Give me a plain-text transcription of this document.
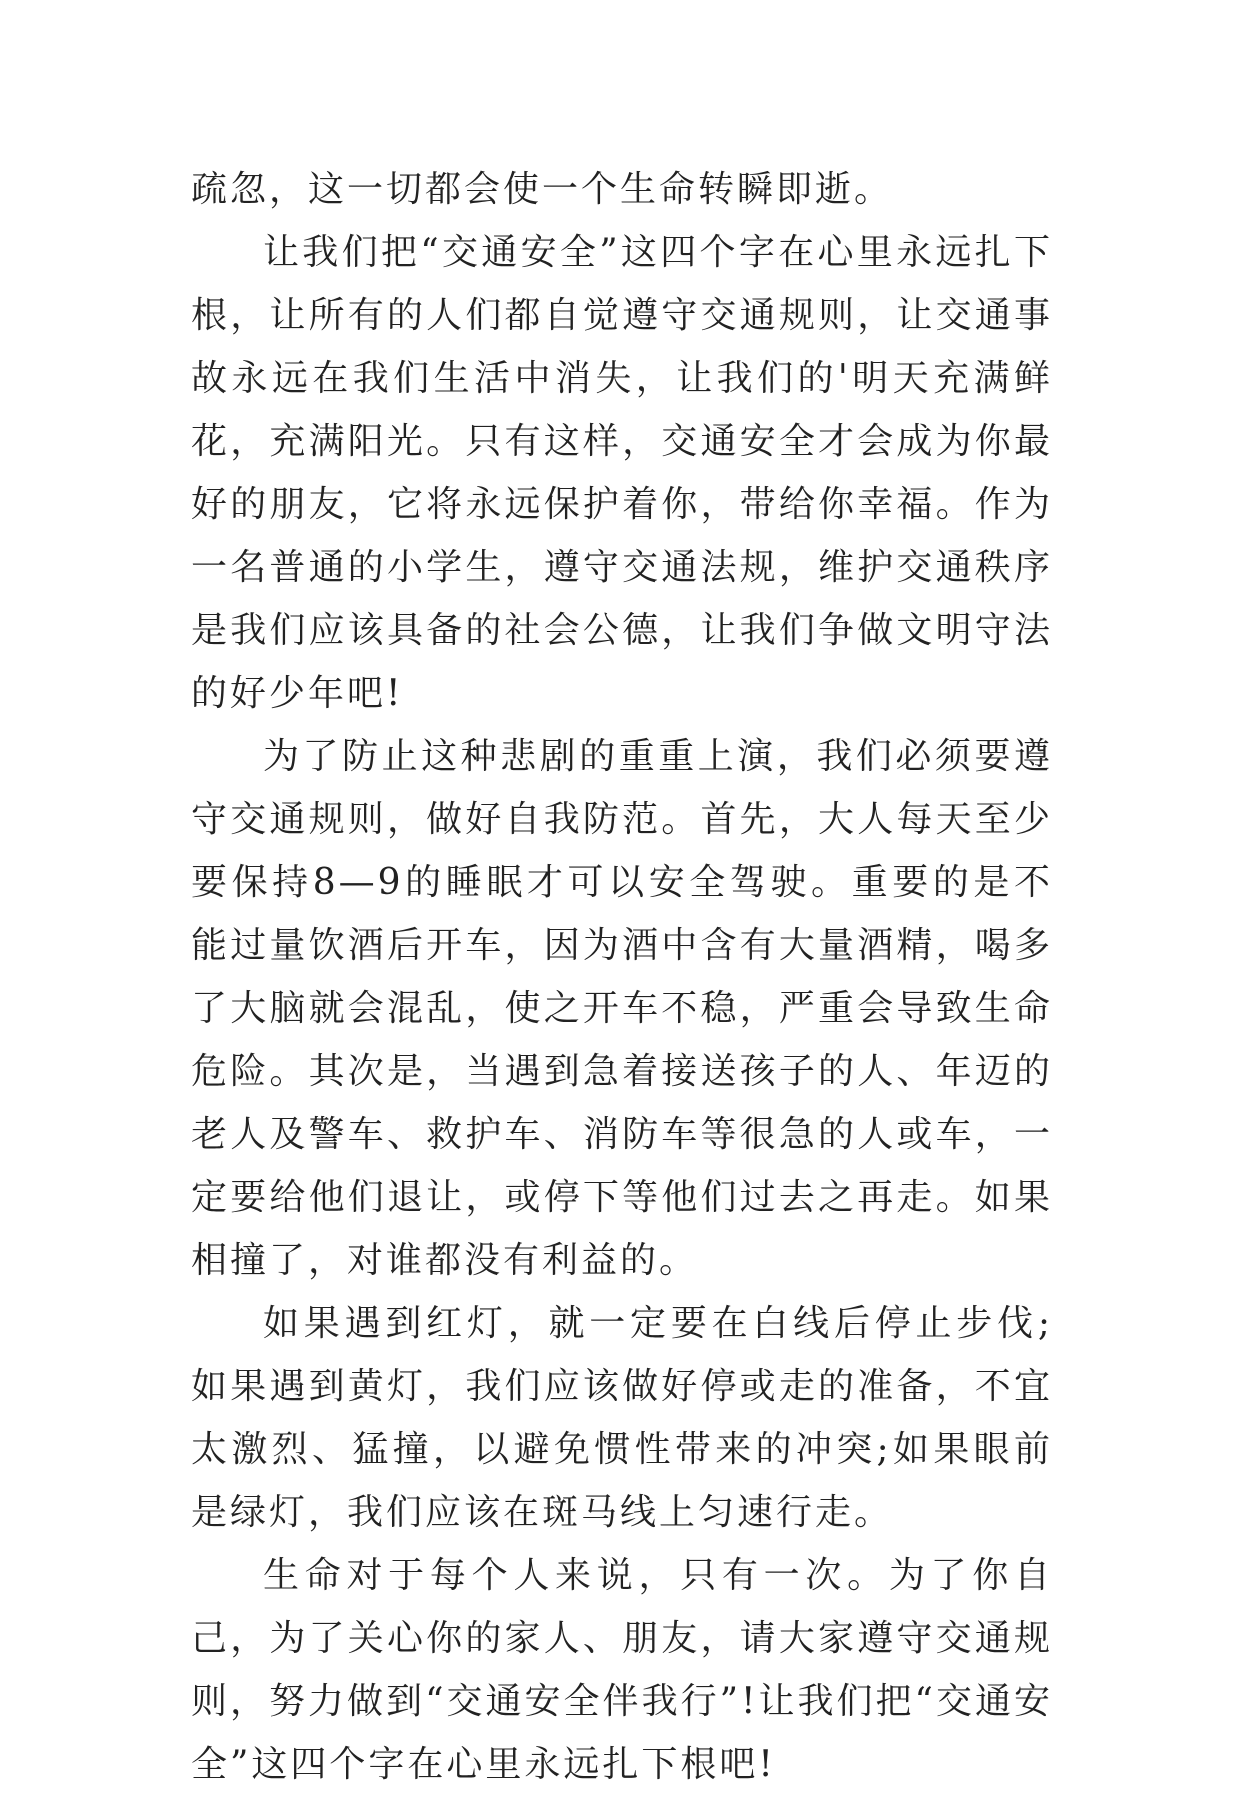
疏忽，这一切都会使一个生命转瞬即逝。

让我们把“交通安全”这四个字在心里永远扎下根，让所有的人们都自觉遵守交通规则，让交通事故永远在我们生活中消失，让我们的'明天充满鲜花，充满阳光。只有这样，交通安全才会成为你最好的朋友，它将永远保护着你，带给你幸福。作为一名普通的小学生，遵守交通法规，维护交通秩序是我们应该具备的社会公德，让我们争做文明守法的好少年吧!

为了防止这种悲剧的重重上演，我们必须要遵守交通规则，做好自我防范。首先，大人每天至少要保持8—9的睡眠才可以安全驾驶。重要的是不能过量饮酒后开车，因为酒中含有大量酒精，喝多了大脑就会混乱，使之开车不稳，严重会导致生命危险。其次是，当遇到急着接送孩子的人、年迈的老人及警车、救护车、消防车等很急的人或车，一定要给他们退让，或停下等他们过去之再走。如果相撞了，对谁都没有利益的。

如果遇到红灯，就一定要在白线后停止步伐;如果遇到黄灯，我们应该做好停或走的准备，不宜太激烈、猛撞，以避免惯性带来的冲突;如果眼前是绿灯，我们应该在斑马线上匀速行走。

生命对于每个人来说，只有一次。为了你自己，为了关心你的家人、朋友，请大家遵守交通规则，努力做到“交通安全伴我行”!让我们把“交通安全”这四个字在心里永远扎下根吧!
